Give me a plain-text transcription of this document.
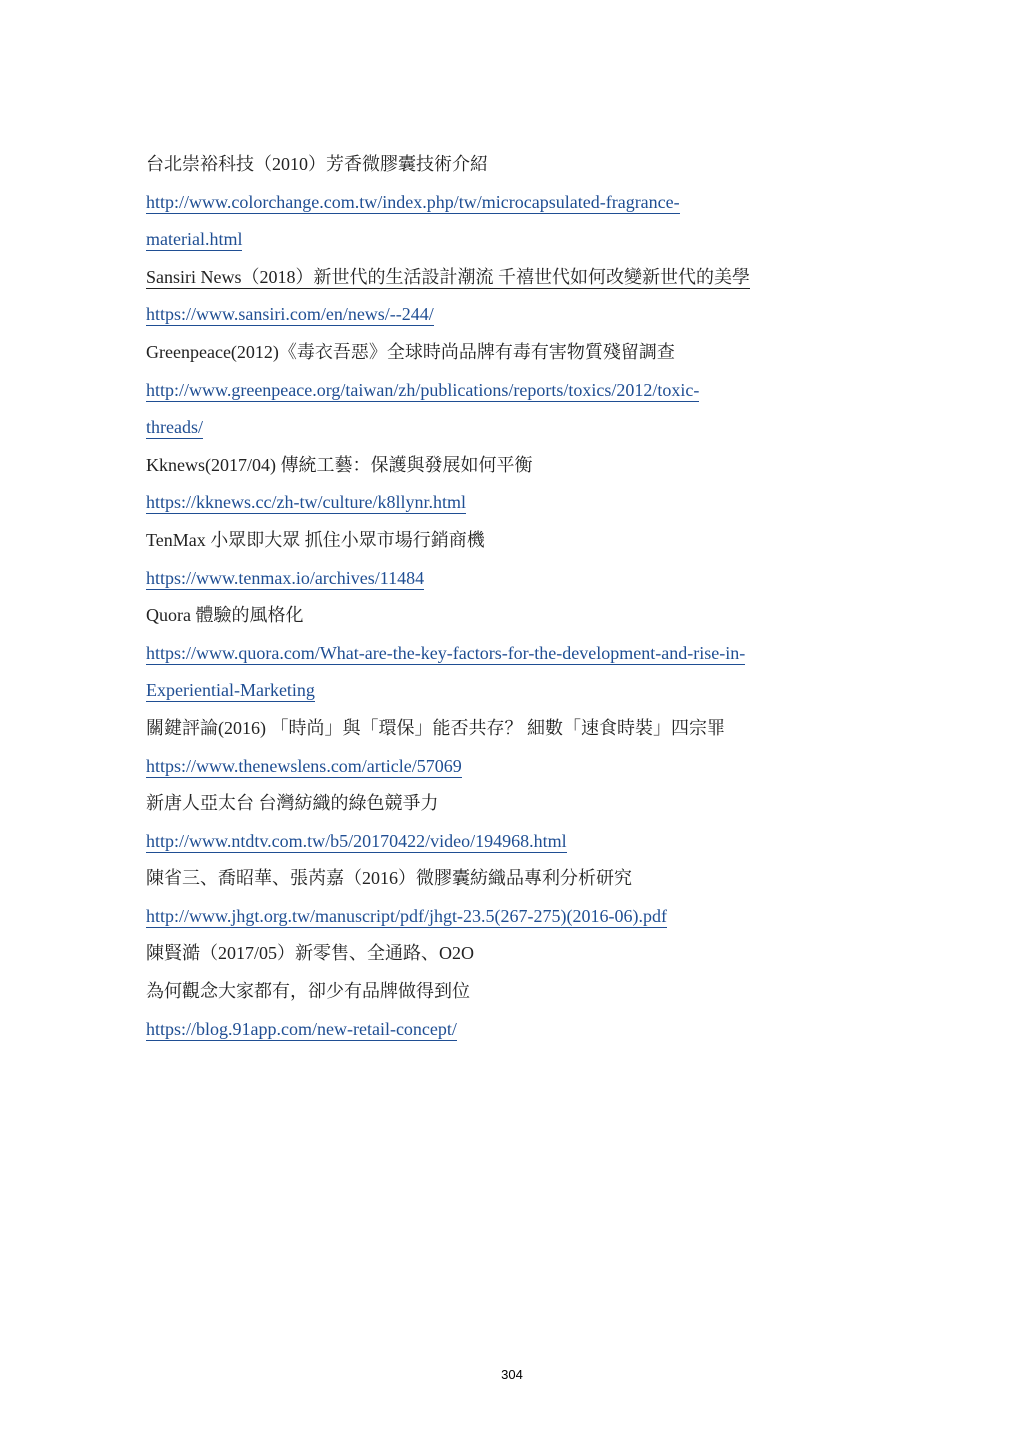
台北崇裕科技（2010）芳香微膠囊技術介紹
http://www.colorchange.com.tw/index.php/tw/microcapsulated-fragrance-
material.html
Sansiri News（2018）新世代的生活設計潮流 千禧世代如何改變新世代的美學
https://www.sansiri.com/en/news/--244/
Greenpeace(2012)《毒衣吾惡》全球時尚品牌有毒有害物質殘留調查
http://www.greenpeace.org/taiwan/zh/publications/reports/toxics/2012/toxic-
threads/
Kknews(2017/04) 傳統工藝：保護與發展如何平衡
https://kknews.cc/zh-tw/culture/k8llynr.html
TenMax 小眾即大眾 抓住小眾市場行銷商機
https://www.tenmax.io/archives/11484
Quora 體驗的風格化
https://www.quora.com/What-are-the-key-factors-for-the-development-and-rise-in-
Experiential-Marketing
關鍵評論(2016) 「時尚」與「環保」能否共存？ 細數「速食時裝」四宗罪
https://www.thenewslens.com/article/57069
新唐人亞太台 台灣紡織的綠色競爭力
http://www.ntdtv.com.tw/b5/20170422/video/194968.html
陳省三、喬昭華、張芮嘉（2016）微膠囊紡織品專利分析研究
http://www.jhgt.org.tw/manuscript/pdf/jhgt-23.5(267-275)(2016-06).pdf
陳賢澔（2017/05）新零售、全通路、O2O
為何觀念大家都有，卻少有品牌做得到位
https://blog.91app.com/new-retail-concept/
304
